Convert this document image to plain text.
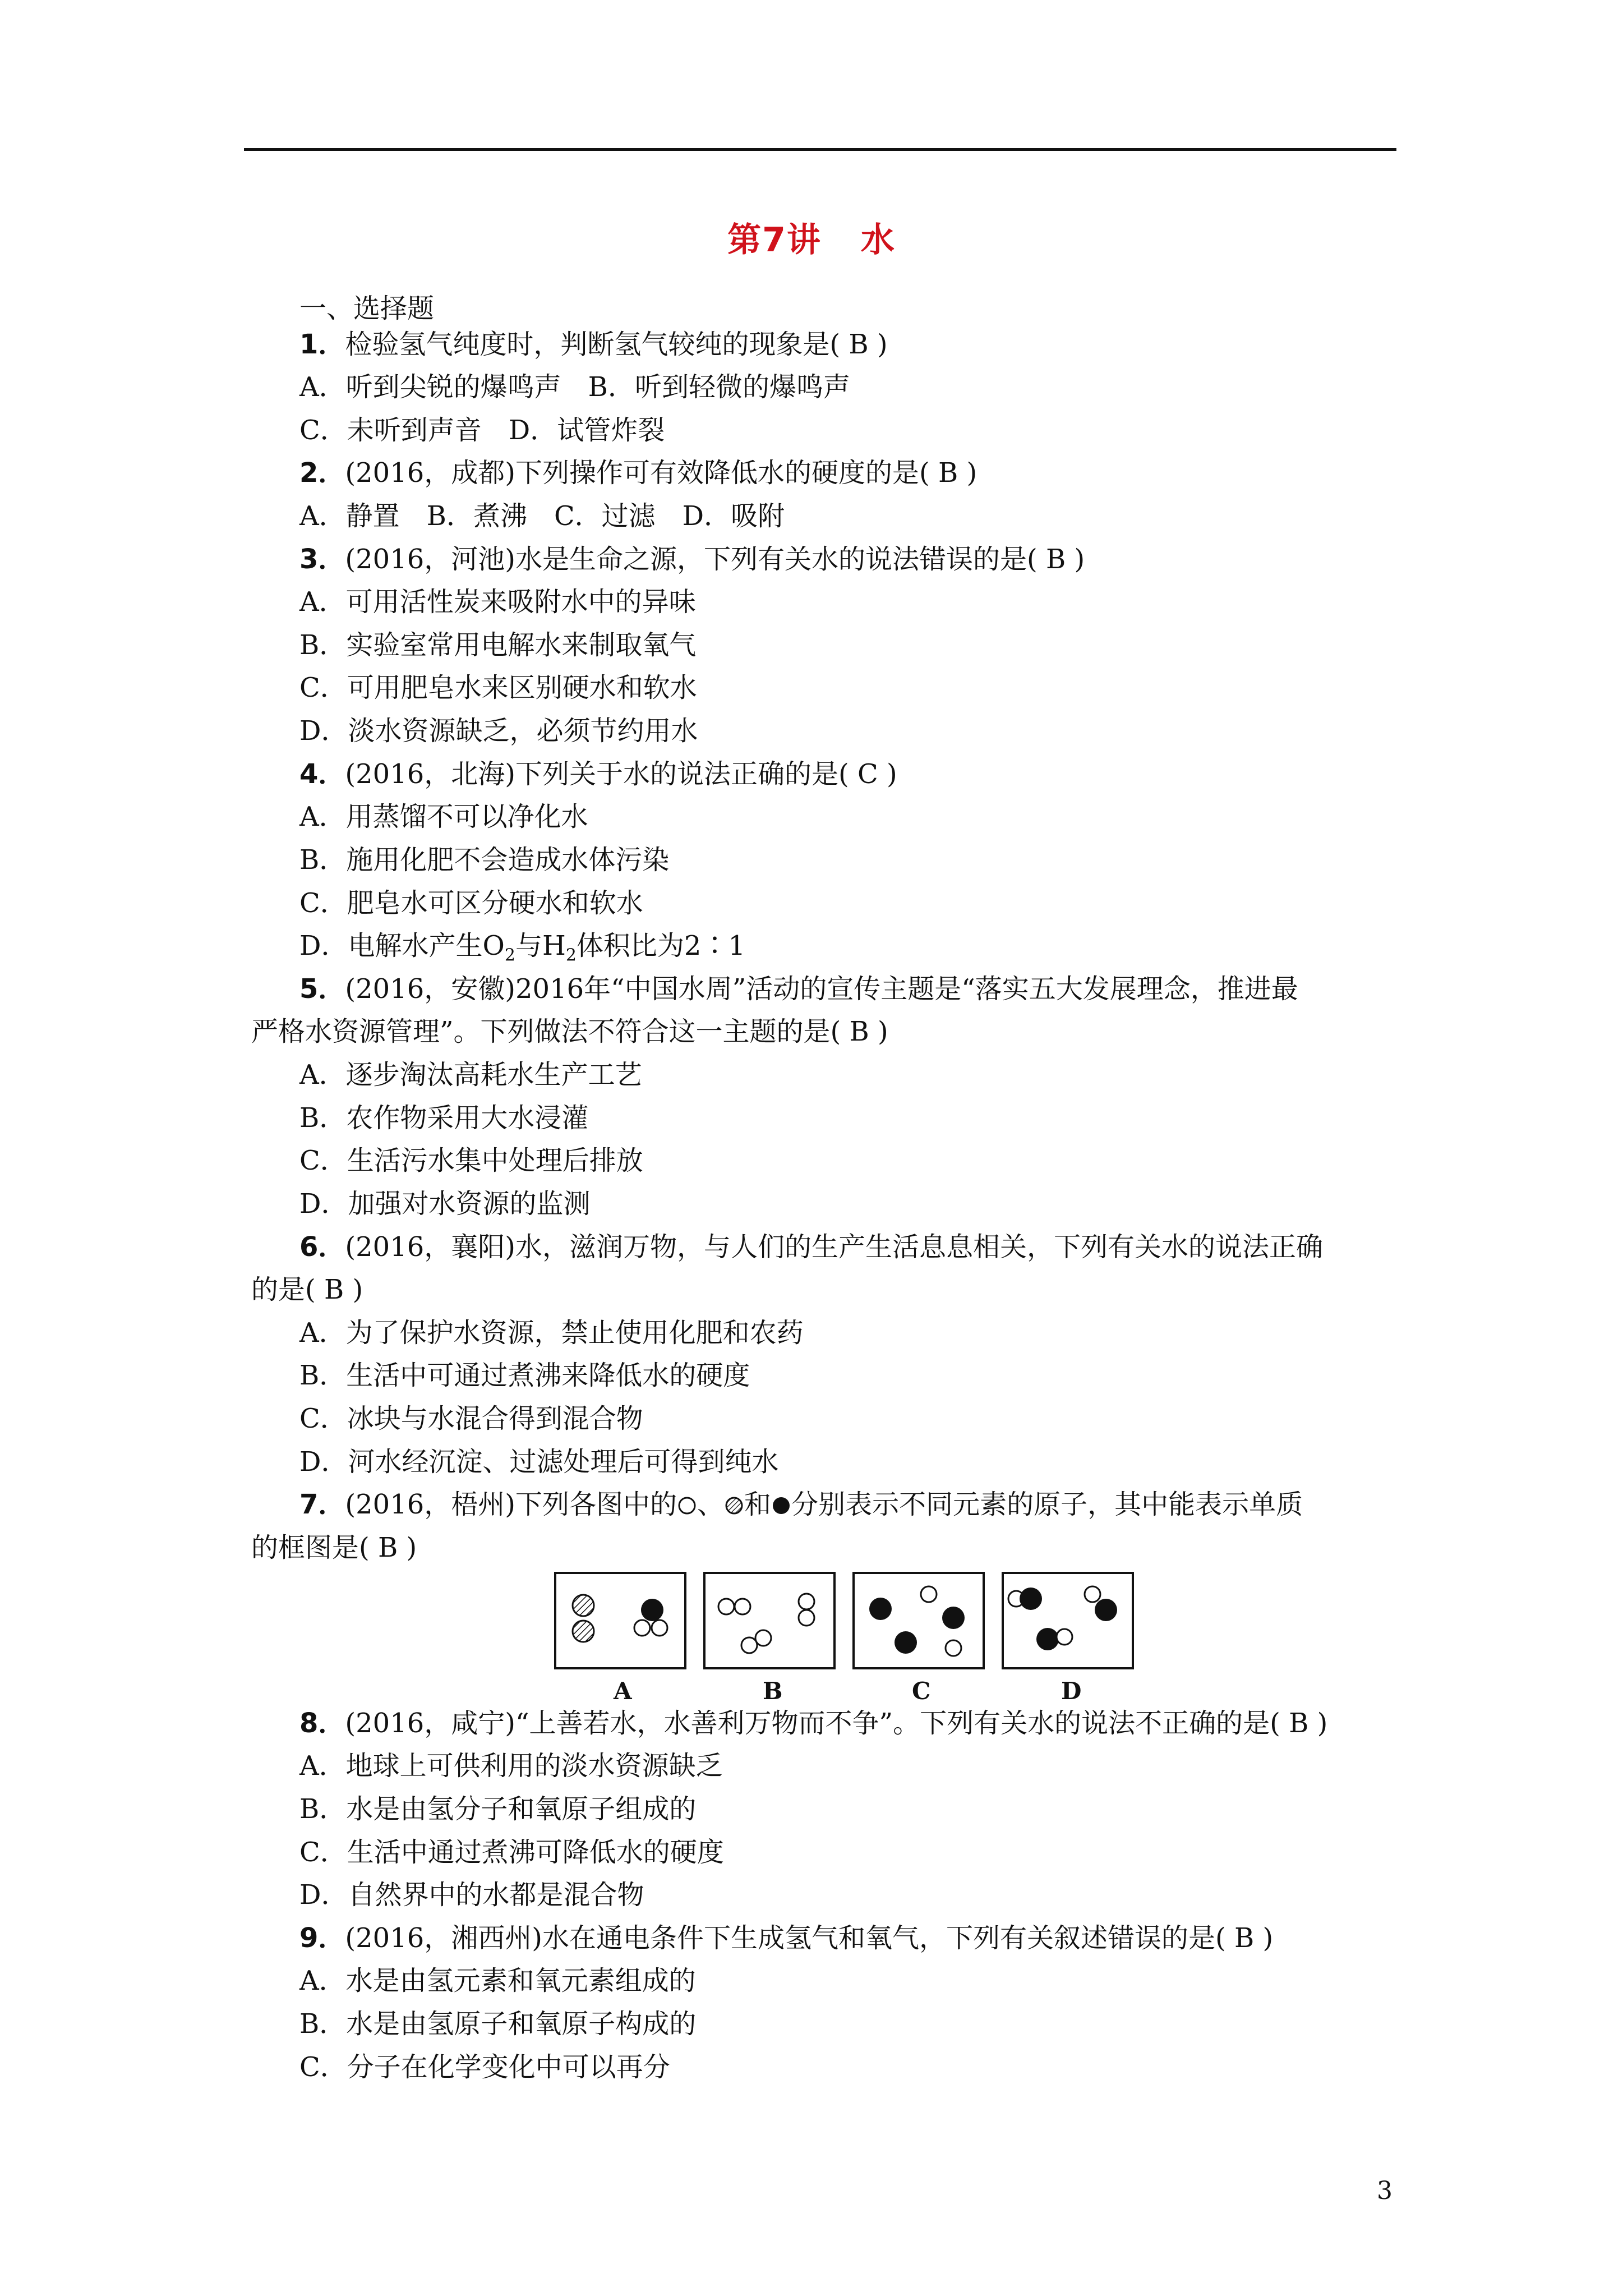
第7讲 水
一、选择题
1．检验氢气纯度时，判断氢气较纯的现象是( B )
A．听到尖锐的爆鸣声　B．听到轻微的爆鸣声
C．未听到声音　D．试管炸裂
2．(2016，成都)下列操作可有效降低水的硬度的是( B )
A．静置　B．煮沸　C．过滤　D．吸附
3．(2016，河池)水是生命之源，下列有关水的说法错误的是( B )
A．可用活性炭来吸附水中的异味
B．实验室常用电解水来制取氧气
C．可用肥皂水来区别硬水和软水
D．淡水资源缺乏，必须节约用水
4．(2016，北海)下列关于水的说法正确的是( C )
A．用蒸馏不可以净化水
B．施用化肥不会造成水体污染
C．肥皂水可区分硬水和软水
D．电解水产生$O_2$与$H_2$体积比为2∶1
5．(2016，安徽)2016年“中国水周”活动的宣传主题是“落实五大发展理念，推进最
严格水资源管理”。下列做法不符合这一主题的是( B )
A．逐步淘汰高耗水生产工艺
B．农作物采用大水浸灌
C．生活污水集中处理后排放
D．加强对水资源的监测
6．(2016，襄阳)水，滋润万物，与人们的生产生活息息相关，下列有关水的说法正确
的是( B )
A．为了保护水资源，禁止使用化肥和农药
B．生活中可通过煮沸来降低水的硬度
C．冰块与水混合得到混合物
D．河水经沉淀、过滤处理后可得到纯水
7．(2016，梧州)下列各图中的 、 和 分别表示不同元素的原子，其中能表示单质
的框图是( B )
A	B	C	D
8．(2016，咸宁)“上善若水，水善利万物而不争”。下列有关水的说法不正确的是( B )
A．地球上可供利用的淡水资源缺乏
B．水是由氢分子和氧原子组成的
C．生活中通过煮沸可降低水的硬度
D．自然界中的水都是混合物
9．(2016，湘西州)水在通电条件下生成氢气和氧气，下列有关叙述错误的是( B )
A．水是由氢元素和氧元素组成的
B．水是由氢原子和氧原子构成的
C．分子在化学变化中可以再分
3
